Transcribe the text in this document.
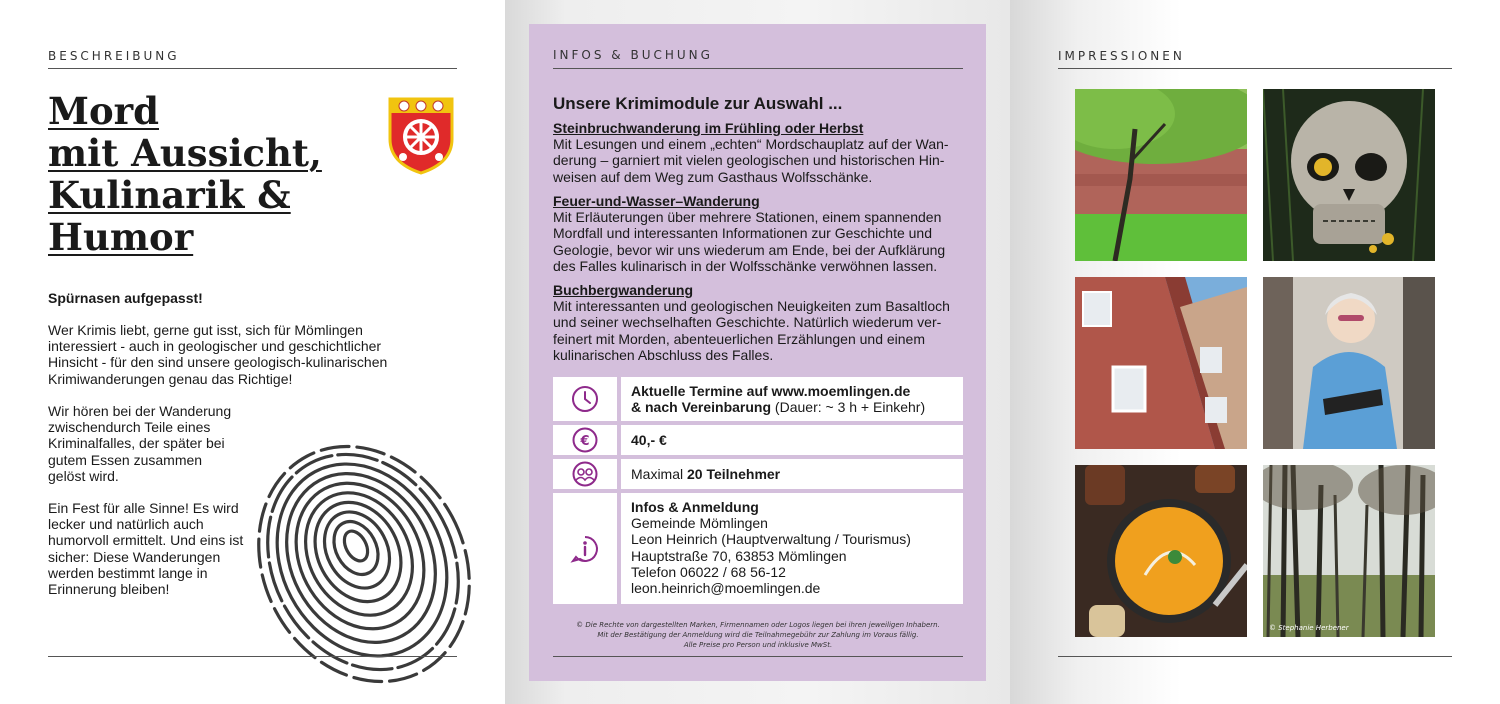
BESCHREIBUNG
Mord
mit Aussicht,
Kulinarik &
Humor
Spürnasen aufgepasst!
Wer Krimis liebt, gerne gut isst, sich für Mömlingen interessiert - auch in geologischer und geschichtlicher Hinsicht - für den sind unsere geologisch-kulinarischen Krimiwanderungen genau das Richtige!
Wir hören bei der Wanderung zwischendurch Teile eines Kriminalfalles, der später bei gutem Essen zusammen gelöst wird.
Ein Fest für alle Sinne! Es wird lecker und natürlich auch humorvoll ermittelt. Und eins ist sicher: Diese Wanderungen werden bestimmt lange in Erinnerung bleiben!
INFOS & BUCHUNG
Unsere Krimimodule zur Auswahl ...
Steinbruchwanderung im Frühling oder Herbst
Mit Lesungen und einem „echten“ Mordschauplatz auf der Wan-derung – garniert mit vielen geologischen und historischen Hin-weisen auf dem Weg zum Gasthaus Wolfsschänke.
Feuer-und-Wasser–Wanderung
Mit Erläuterungen über mehrere Stationen, einem spannenden Mordfall und interessanten Informationen zur Geschichte und Geologie, bevor wir uns wiederum am Ende, bei der Aufklärung des Falles kulinarisch in der Wolfsschänke verwöhnen lassen.
Buchbergwanderung
Mit interessanten und geologischen Neuigkeiten zum Basaltloch und seiner wechselhaften Geschichte. Natürlich wiederum ver-feinert mit Morden, abenteuerlichen Erzählungen und einem kulinarischen Abschluss des Falles.
Aktuelle Termine auf www.moemlingen.de
& nach Vereinbarung (Dauer: ~ 3 h + Einkehr)
€	40,- €
Maximal 20 Teilnehmer
Infos & Anmeldung
Gemeinde Mömlingen
Leon Heinrich (Hauptverwaltung / Tourismus)
Hauptstraße 70, 63853 Mömlingen
Telefon 06022 / 68 56-12
leon.heinrich@moemlingen.de
© Die Rechte von dargestellten Marken, Firmennamen oder Logos liegen bei ihren jeweiligen Inhabern.
Mit der Bestätigung der Anmeldung wird die Teilnahmegebühr zur Zahlung im Voraus fällig.
Alle Preise pro Person und inklusive MwSt.
IMPRESSIONEN
© Stephanie Herbener
